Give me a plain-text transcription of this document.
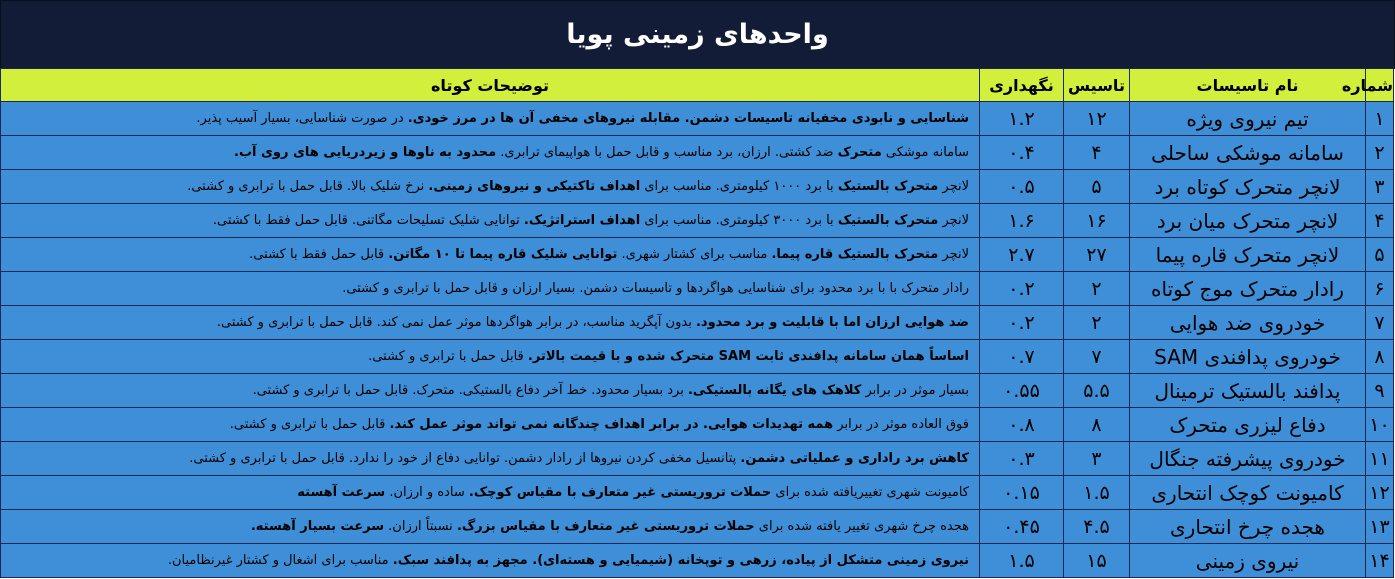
واحدهای زمینی پویا
شماره	نام تاسیسات	تاسیس	نگهداری	توضیحات کوتاه
۱	تیم نیروی ویژه	۱۲	۱.۲	شناسایی و نابودی مخفیانه تاسیسات دشمن. مقابله نیروهای مخفی آن ها در مرز خودی. در صورت شناسایی، بسیار آسیب پذیر.
۲	سامانه موشکی ساحلی	۴	۰.۴	سامانه موشکی متحرک ضد کشتی. ارزان، برد مناسب و قابل حمل با هواپیمای ترابری. محدود به ناوها و زیردریایی های روی آب.
۳	لانچر متحرک کوتاه برد	۵	۰.۵	لانچر متحرک بالستیک با برد ۱۰۰۰ کیلومتری. مناسب برای اهداف تاکتیکی و نیروهای زمینی. نرخ شلیک بالا. قابل حمل با ترابری و کشتی.
۴	لانچر متحرک میان برد	۱۶	۱.۶	لانچر متحرک بالستیک با برد ۳۰۰۰ کیلومتری. مناسب برای اهداف استراتژیک. توانایی شلیک تسلیحات مگاتنی. قابل حمل فقط با کشتی.
۵	لانچر متحرک قاره پیما	۲۷	۲.۷	لانچر متحرک بالستیک قاره پیما. مناسب برای کشتار شهری. توانایی شلیک قاره پیما تا ۱۰ مگاتن. قابل حمل فقط با کشتی.
۶	رادار متحرک موج کوتاه	۲	۰.۲	رادار متحرک با با برد محدود برای شناسایی هواگردها و تاسیسات دشمن. بسیار ارزان و قابل حمل با ترابری و کشتی.
۷	خودروی ضد هوایی	۲	۰.۲	ضد هوایی ارزان اما با قابلیت و برد محدود. بدون آپگرید مناسب، در برابر هواگردها موثر عمل نمی کند. قابل حمل با ترابری و کشتی.
۸	خودروی پدافندی SAM	۷	۰.۷	اساساً همان سامانه پدافندی ثابت SAM متحرک شده و با قیمت بالاتر. قابل حمل با ترابری و کشتی.
۹	پدافند بالستیک ترمینال	۵.۵	۰.۵۵	بسیار موثر در برابر کلاهک های یگانه بالستیکی. برد بسیار محدود. خط آخر دفاع بالستیکی. متحرک. قابل حمل با ترابری و کشتی.
۱۰	دفاع لیزری متحرک	۸	۰.۸	فوق العاده موثر در برابر همه تهدیدات هوایی. در برابر اهداف چندگانه نمی تواند موثر عمل کند. قابل حمل با ترابری و کشتی.
۱۱	خودروی پیشرفته جنگال	۳	۰.۳	کاهش برد راداری و عملیاتی دشمن. پتانسیل مخفی کردن نیروها از رادار دشمن. توانایی دفاع از خود را ندارد. قابل حمل با ترابری و کشتی.
۱۲	کامیونت کوچک انتحاری	۱.۵	۰.۱۵	کامیونت شهری تغییریافته شده برای حملات تروریستی غیر متعارف با مقیاس کوچک. ساده و ارزان. سرعت آهسته
۱۳	هجده چرخ انتحاری	۴.۵	۰.۴۵	هجده چرخ شهری تغییر یافته شده برای حملات تروریستی غیر متعارف با مقیاس بزرگ. نسبتاً ارزان. سرعت بسیار آهسته.
۱۴	نیروی زمینی	۱۵	۱.۵	نیروی زمینی متشکل از پیاده، زرهی و توپخانه (شیمیایی و هسته‌ای). مجهز به پدافند سبک. مناسب برای اشغال و کشتار غیرنظامیان.
